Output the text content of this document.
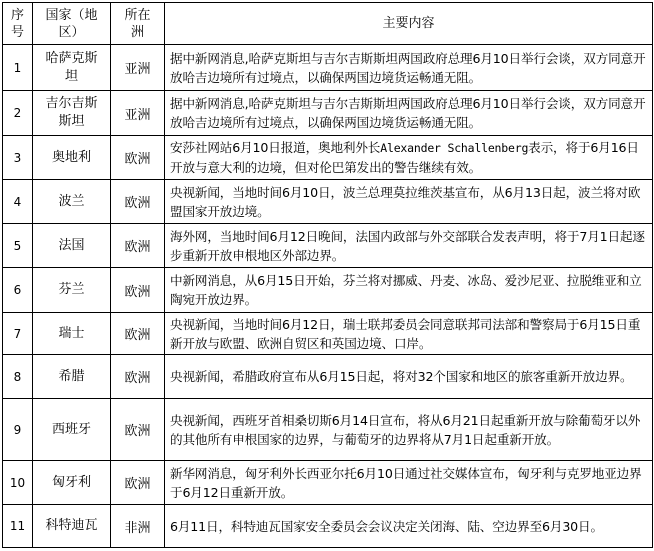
序号	国家（地区）	所在洲	主要内容
1	哈萨克斯坦	亚洲	据中新网消息,哈萨克斯坦与吉尔吉斯斯坦两国政府总理6月10日举行会谈，双方同意开放哈吉边境所有过境点，以确保两国边境货运畅通无阻。
2	吉尔吉斯斯坦	亚洲	据中新网消息,哈萨克斯坦与吉尔吉斯斯坦两国政府总理6月10日举行会谈，双方同意开放哈吉边境所有过境点，以确保两国边境货运畅通无阻。
3	奥地利	欧洲	安莎社网站6月10日报道，奥地利外长Alexander Schallenberg表示，将于6月16日开放与意大利的边境，但对伦巴第发出的警告继续有效。
4	波兰	欧洲	央视新闻，当地时间6月10日，波兰总理莫拉维茨基宣布，从6月13日起，波兰将对欧盟国家开放边境。
5	法国	欧洲	海外网，当地时间6月12日晚间，法国内政部与外交部联合发表声明，将于7月1日起逐步重新开放申根地区外部边界。
6	芬兰	欧洲	中新网消息，从6月15日开始，芬兰将对挪威、丹麦、冰岛、爱沙尼亚、拉脱维亚和立陶宛开放边界。
7	瑞士	欧洲	央视新闻，当地时间6月12日，瑞士联邦委员会同意联邦司法部和警察局于6月15日重新开放与欧盟、欧洲自贸区和英国边境、口岸。
8	希腊	欧洲	央视新闻，希腊政府宣布从6月15日起，将对32个国家和地区的旅客重新开放边界。
9	西班牙	欧洲	央视新闻，西班牙首相桑切斯6月14日宣布，将从6月21日起重新开放与除葡萄牙以外的其他所有申根国家的边界，与葡萄牙的边界将从7月1日起重新开放。
10	匈牙利	欧洲	新华网消息，匈牙利外长西亚尔托6月10日通过社交媒体宣布，匈牙利与克罗地亚边界于6月12日重新开放。
11	科特迪瓦	非洲	6月11日，科特迪瓦国家安全委员会会议决定关闭海、陆、空边界至6月30日。
